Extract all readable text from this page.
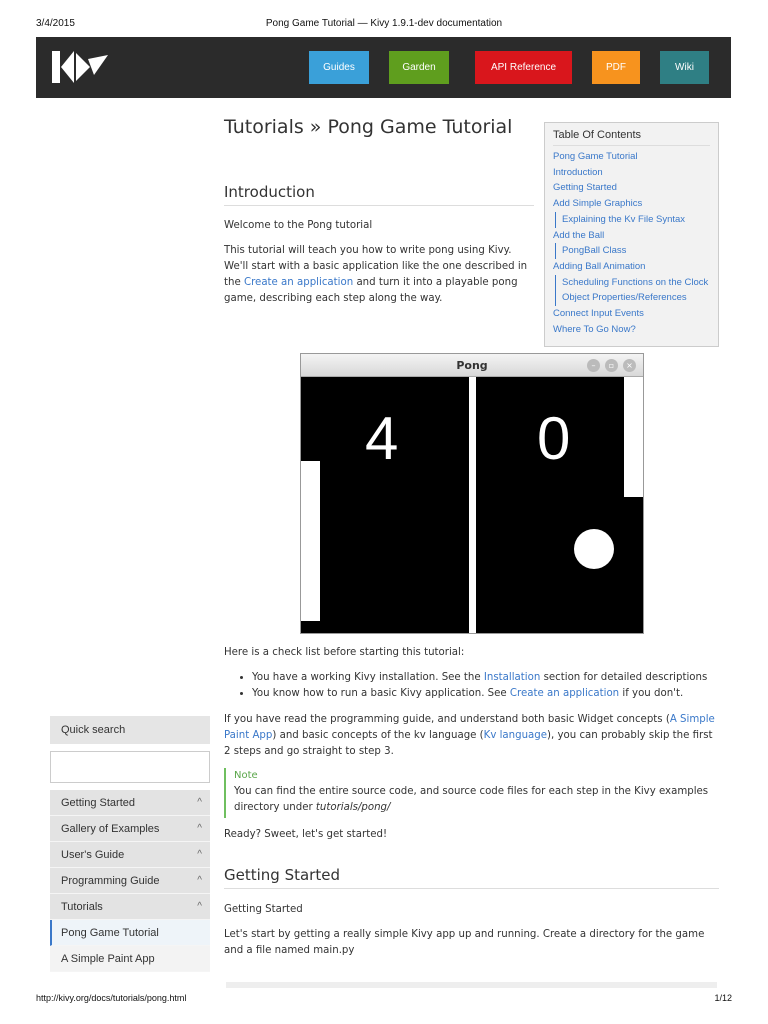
3/4/2015	Pong Game Tutorial — Kivy 1.9.1-dev documentation
Guides	Garden	API Reference	PDF	Wiki
Tutorials » Pong Game Tutorial
Introduction
Welcome to the Pong tutorial
This tutorial will teach you how to write pong using Kivy. We'll start with a basic application like the one described in the Create an application and turn it into a playable pong game, describing each step along the way.
Table Of Contents
Pong Game Tutorial
Introduction
Getting Started
Add Simple Graphics
Explaining the Kv File Syntax
Add the Ball
PongBall Class
Adding Ball Animation
Scheduling Functions on the Clock
Object Properties/References
Connect Input Events
Where To Go Now?
Pong	–	▫	×
4 0
Here is a check list before starting this tutorial:
• You have a working Kivy installation. See the Installation section for detailed descriptions
• You know how to run a basic Kivy application. See Create an application if you don't.
If you have read the programming guide, and understand both basic Widget concepts (A Simple Paint App) and basic concepts of the kv language (Kv language), you can probably skip the first 2 steps and go straight to step 3.
Note
You can find the entire source code, and source code files for each step in the Kivy examples directory under tutorials/pong/
Ready? Sweet, let's get started!
Getting Started
Getting Started
Let's start by getting a really simple Kivy app up and running. Create a directory for the game and a file named main.py
Quick search
Getting Started	^
Gallery of Examples	^
User's Guide	^
Programming Guide	^
Tutorials	^
Pong Game Tutorial
A Simple Paint App
http://kivy.org/docs/tutorials/pong.html	1/12
